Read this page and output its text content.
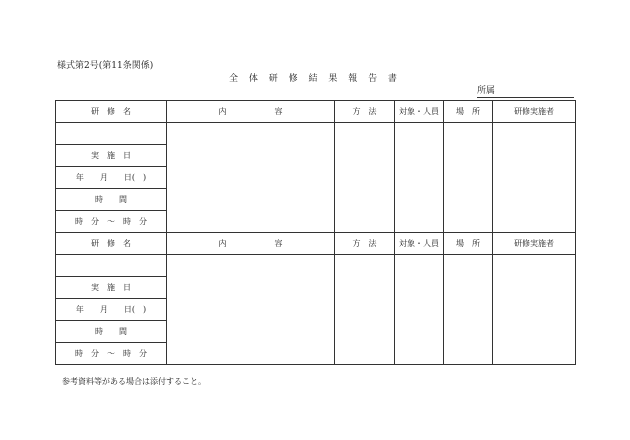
様式第2号(第11条関係)
全 体 研 修 結 果 報 告 書
所属
研　修　名	内　　　　　　容	方　法	対象・人員	場　所	研修実施者

実　施　日					
年　　月　　日(　)					
時　　間					
時　分　～　時　分					
研　修　名	内　　　　　　容	方　法	対象・人員	場　所	研修実施者

実　施　日					
年　　月　　日(　)					
時　　間					
時　分　～　時　分					
参考資料等がある場合は添付すること。
